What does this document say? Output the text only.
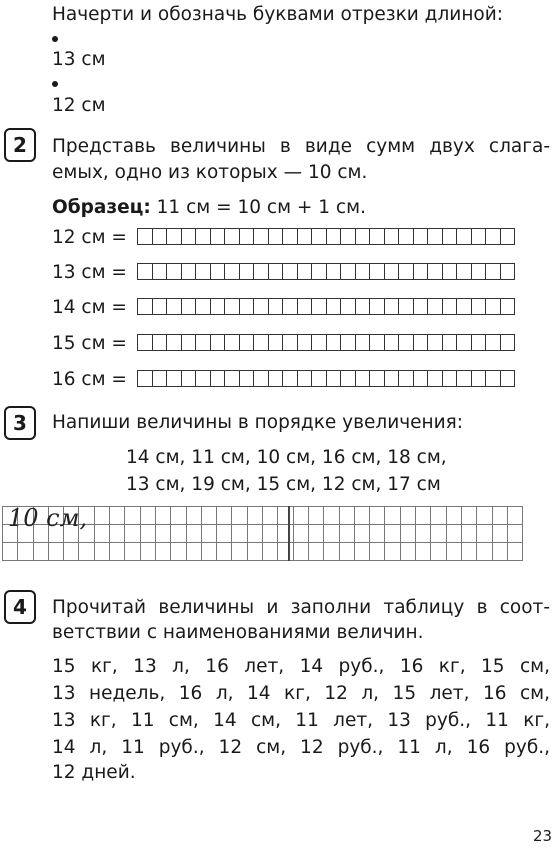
Начерти и обозначь буквами отрезки длиной:
13 см
12 см
2	Представь величины в виде сумм двух слага-
емых, одно из которых — 10 см.
Образец: 11 см = 10 см + 1 см.
12 см =
13 см =
14 см =
15 см =
16 см =
3	Напиши величины в порядке увеличения:
14 см, 11 см, 10 см, 16 см, 18 см,
13 см, 19 см, 15 см, 12 см, 17 см
10 см,
4	Прочитай величины и заполни таблицу в соот-
ветствии с наименованиями величин.
15 кг, 13 л, 16 лет, 14 руб., 16 кг, 15 см,
13 недель, 16 л, 14 кг, 12 л, 15 лет, 16 см,
13 кг, 11 см, 14 см, 11 лет, 13 руб., 11 кг,
14 л, 11 руб., 12 см, 12 руб., 11 л, 16 руб.,
12 дней.
23
